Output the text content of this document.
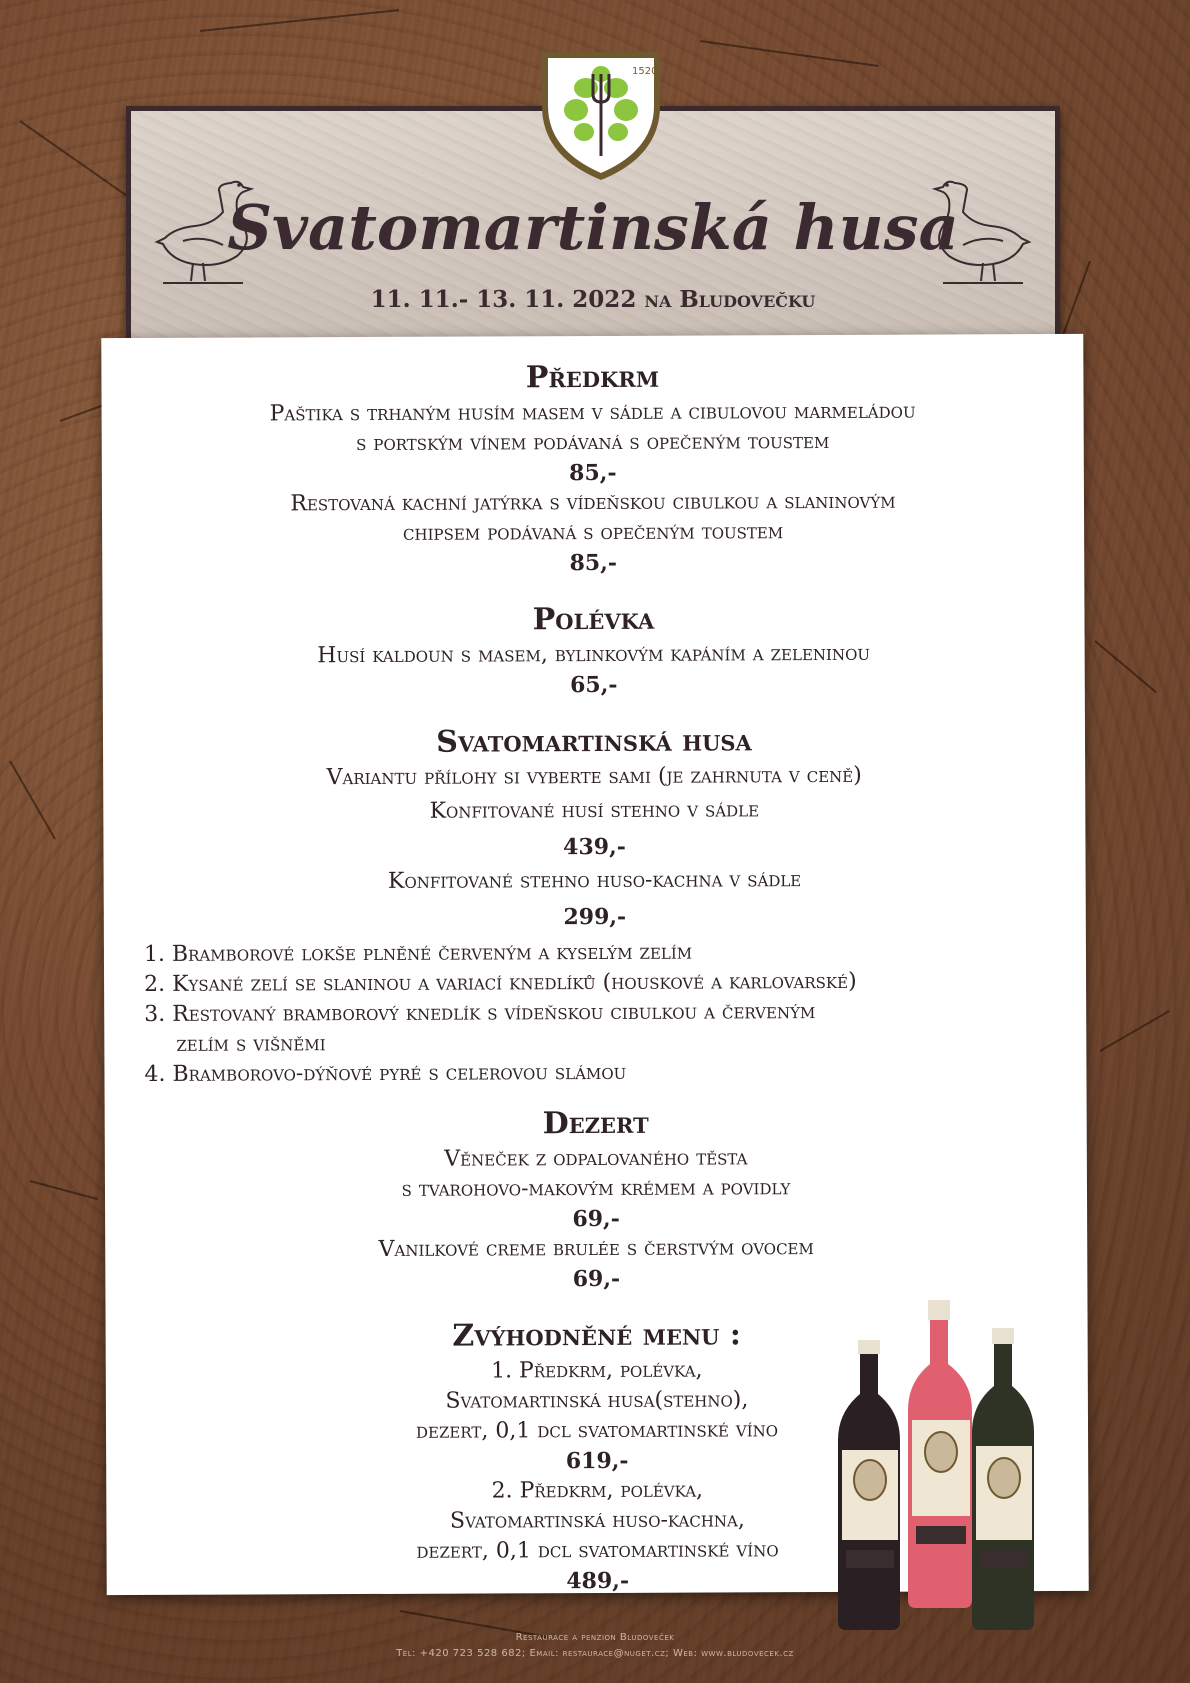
Svatomartinská husa
11. 11.- 13. 11. 2022 na Bludovečku
1520
Předkrm
Paštika s trhaným husím masem v sádle a cibulovou marmeládou
s portským vínem podávaná s opečeným toustem
85,-
Restovaná kachní jatýrka s vídeňskou cibulkou a slaninovým
chipsem podávaná s opečeným toustem
85,-
Polévka
Husí kaldoun s masem, bylinkovým kapáním a zeleninou
65,-
Svatomartinská husa
Variantu přílohy si vyberte sami (je zahrnuta v ceně)
Konfitované husí stehno v sádle
439,-
Konfitované stehno huso-kachna v sádle
299,-
1. Bramborové lokše plněné červeným a kyselým zelím
2. Kysané zelí se slaninou a variací knedlíků (houskové a karlovarské)
3. Restovaný bramborový knedlík s vídeňskou cibulkou a červeným
zelím s višněmi
4. Bramborovo-dýňové pyré s celerovou slámou
Dezert
Věneček z odpalovaného těsta
s tvarohovo-makovým krémem a povidly
69,-
Vanilkové creme brulée s čerstvým ovocem
69,-
Zvýhodněné menu :
1. Předkrm, polévka,
Svatomartinská husa(stehno),
dezert, 0,1 dcl svatomartinské víno
619,-
2. Předkrm, polévka,
Svatomartinská huso-kachna,
dezert, 0,1 dcl svatomartinské víno
489,-
Restaurace a penzion Bludoveček
Tel: +420 723 528 682; Email: restaurace@nuget.cz; Web: www.bludovecek.cz
